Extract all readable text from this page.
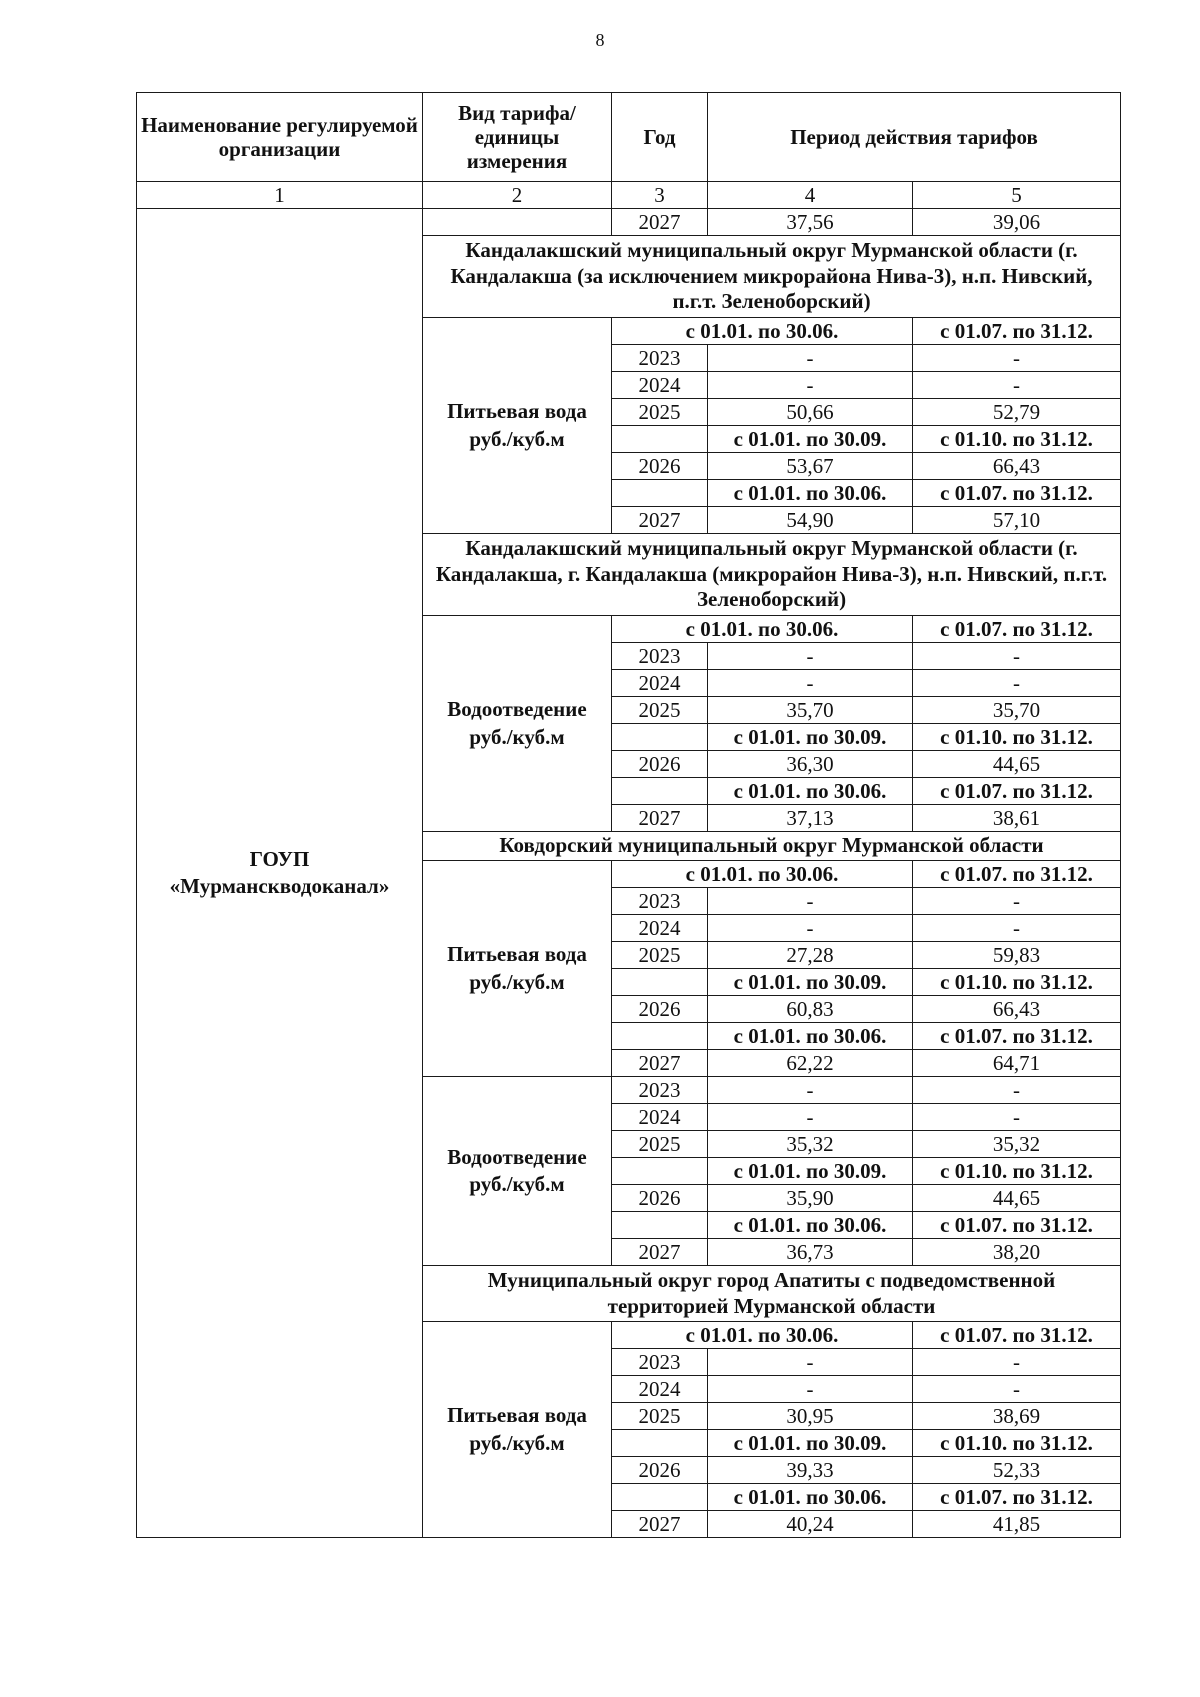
8
Наименование регулируемой организации	Вид тарифа/ единицы измерения	Год	Период действия тарифов	
1	2	3	4	5
ГОУП «Мурманскводоканал»		2027	37,56	39,06
	Кандалакшский муниципальный округ Мурманской области (г. Кандалакша (за исключением микрорайона Нива-3), н.п. Нивский, п.г.т. Зеленоборский)			
	Питьевая вода руб./куб.м	с 01.01. по 30.06.		с 01.07. по 31.12.
		2023	-	-
		2024	-	-
		2025	50,66	52,79
			с 01.01. по 30.09.	с 01.10. по 31.12.
		2026	53,67	66,43
			с 01.01. по 30.06.	с 01.07. по 31.12.
		2027	54,90	57,10
	Кандалакшский муниципальный округ Мурманской области (г. Кандалакша, г. Кандалакша (микрорайон Нива-3), н.п. Нивский, п.г.т. Зеленоборский)			
	Водоотведение руб./куб.м	с 01.01. по 30.06.		с 01.07. по 31.12.
		2023	-	-
		2024	-	-
		2025	35,70	35,70
			с 01.01. по 30.09.	с 01.10. по 31.12.
		2026	36,30	44,65
			с 01.01. по 30.06.	с 01.07. по 31.12.
		2027	37,13	38,61
	Ковдорский муниципальный округ Мурманской области			
	Питьевая вода руб./куб.м	с 01.01. по 30.06.		с 01.07. по 31.12.
		2023	-	-
		2024	-	-
		2025	27,28	59,83
			с 01.01. по 30.09.	с 01.10. по 31.12.
		2026	60,83	66,43
			с 01.01. по 30.06.	с 01.07. по 31.12.
		2027	62,22	64,71
	Водоотведение руб./куб.м	2023	-	-
		2024	-	-
		2025	35,32	35,32
			с 01.01. по 30.09.	с 01.10. по 31.12.
		2026	35,90	44,65
			с 01.01. по 30.06.	с 01.07. по 31.12.
		2027	36,73	38,20
	Муниципальный округ город Апатиты с подведомственной территорией Мурманской области			
	Питьевая вода руб./куб.м	с 01.01. по 30.06.		с 01.07. по 31.12.
		2023	-	-
		2024	-	-
		2025	30,95	38,69
			с 01.01. по 30.09.	с 01.10. по 31.12.
		2026	39,33	52,33
			с 01.01. по 30.06.	с 01.07. по 31.12.
		2027	40,24	41,85
